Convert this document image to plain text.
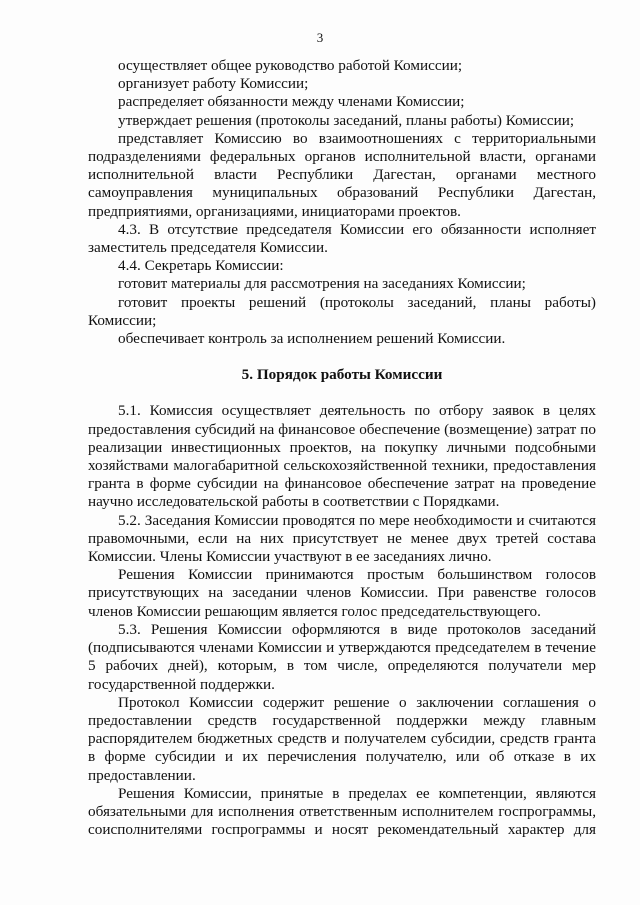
3

осуществляет общее руководство работой Комиссии;

организует работу Комиссии;

распределяет обязанности между членами Комиссии;

утверждает решения (протоколы заседаний, планы работы) Комиссии;

представляет Комиссию во взаимоотношениях с территориальными подразделениями федеральных органов исполнительной власти, органами исполнительной власти Республики Дагестан, органами местного самоуправления муниципальных образований Республики Дагестан, предприятиями, организациями, инициаторами проектов.

4.3. В отсутствие председателя Комиссии его обязанности исполняет заместитель председателя Комиссии.

4.4. Секретарь Комиссии:

готовит материалы для рассмотрения на заседаниях Комиссии;

готовит проекты решений (протоколы заседаний, планы работы) Комиссии;

обеспечивает контроль за исполнением решений Комиссии.

5. Порядок работы Комиссии

5.1. Комиссия осуществляет деятельность по отбору заявок в целях предоставления субсидий на финансовое обеспечение (возмещение) затрат по реализации инвестиционных проектов, на покупку личными подсобными хозяйствами малогабаритной сельскохозяйственной техники, предоставления гранта в форме субсидии на финансовое обеспечение затрат на проведение научно исследовательской работы в соответствии с Порядками.

5.2. Заседания Комиссии проводятся по мере необходимости и считаются правомочными, если на них присутствует не менее двух третей состава Комиссии. Члены Комиссии участвуют в ее заседаниях лично.

Решения Комиссии принимаются простым большинством голосов присутствующих на заседании членов Комиссии. При равенстве голосов членов Комиссии решающим является голос председательствующего.

5.3. Решения Комиссии оформляются в виде протоколов заседаний (подписываются членами Комиссии и утверждаются председателем в течение 5 рабочих дней), которым, в том числе, определяются получатели мер государственной поддержки.

Протокол Комиссии содержит решение о заключении соглашения о предоставлении средств государственной поддержки между главным распорядителем бюджетных средств и получателем субсидии, средств гранта в форме субсидии и их перечисления получателю, или об отказе в их предоставлении.

Решения Комиссии, принятые в пределах ее компетенции, являются обязательными для исполнения ответственным исполнителем госпрограммы, соисполнителями госпрограммы и носят рекомендательный характер для
